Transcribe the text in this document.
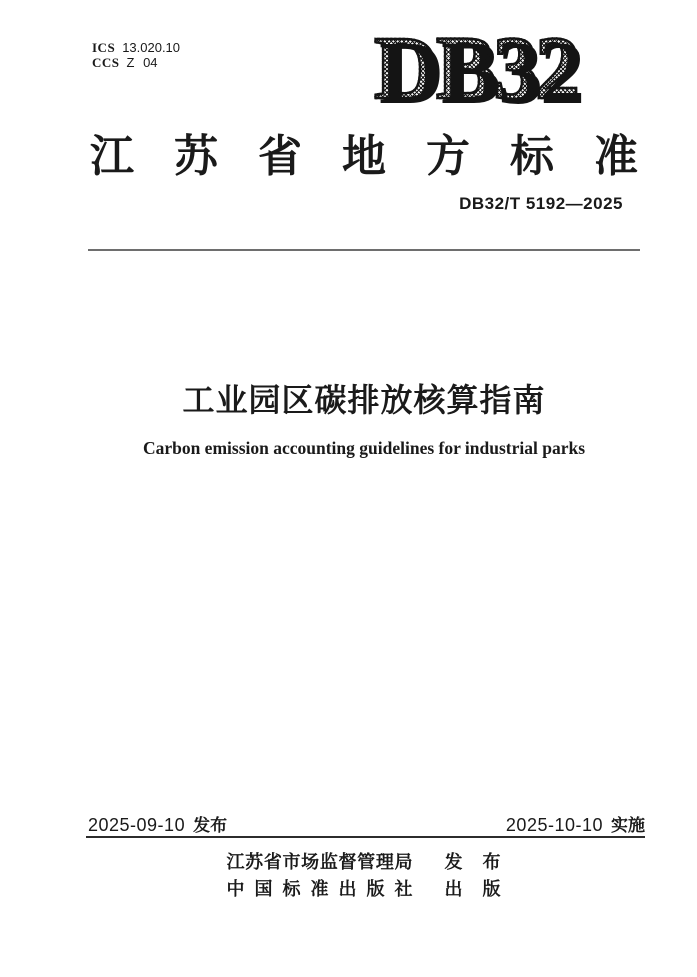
ICS 13.020.10
CCS Z 04 DB32
江苏省地方标准
DB32/T 5192—2025
工业园区碳排放核算指南
Carbon emission accounting guidelines for industrial parks
2025-09-10 发布	2025-10-10 实施
江苏省市场监督管理局 发布
中国标准出版社 出版
